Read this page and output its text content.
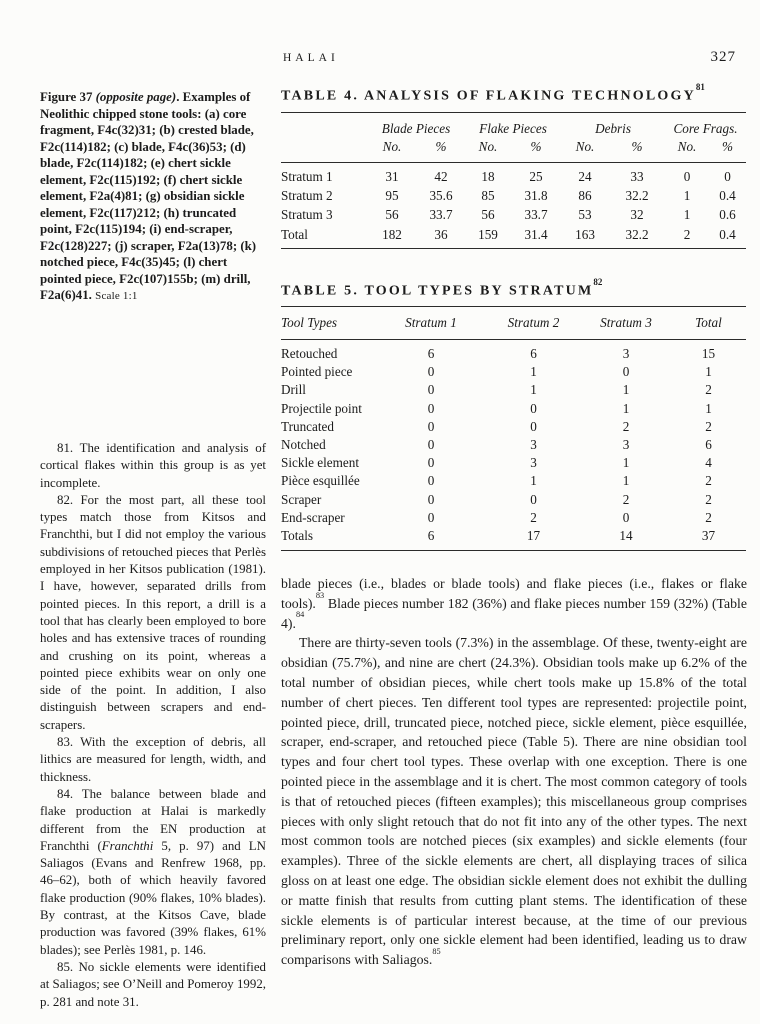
HALAI	327
Figure 37 (opposite page). Examples of Neolithic chipped stone tools: (a) core fragment, F4c(32)31; (b) crested blade, F2c(114)182; (c) blade, F4c(36)53; (d) blade, F2c(114)182; (e) chert sickle element, F2c(115)192; (f) chert sickle element, F2a(4)81; (g) obsidian sickle element, F2c(117)212; (h) truncated point, F2c(115)194; (i) end-scraper, F2c(128)227; (j) scraper, F2a(13)78; (k) notched piece, F4c(35)45; (l) chert pointed piece, F2c(107)155b; (m) drill, F2a(6)41. Scale 1:1

81. The identification and analysis of cortical flakes within this group is as yet incomplete.

82. For the most part, all these tool types match those from Kitsos and Franchthi, but I did not employ the various subdivisions of retouched pieces that Perlès employed in her Kitsos publication (1981). I have, however, separated drills from pointed pieces. In this report, a drill is a tool that has clearly been employed to bore holes and has extensive traces of rounding and crushing on its point, whereas a pointed piece exhibits wear on only one side of the point. In addition, I also distinguish between scrapers and end-scrapers.

83. With the exception of debris, all lithics are measured for length, width, and thickness.

84. The balance between blade and flake production at Halai is markedly different from the EN production at Franchthi (Franchthi 5, p. 97) and LN Saliagos (Evans and Renfrew 1968, pp. 46–62), both of which heavily favored flake production (90% flakes, 10% blades). By contrast, at the Kitsos Cave, blade production was favored (39% flakes, 61% blades); see Perlès 1981, p. 146.

85. No sickle elements were identified at Saliagos; see O’Neill and Pomeroy 1992, p. 281 and note 31.

TABLE 4. ANALYSIS OF FLAKING TECHNOLOGY$^{81}$
	Blade Pieces		Flake Pieces		Debris		Core Frags.	
	No.	%	No.	%	No.	%	No.	%
Stratum 1	31	42	18	25	24	33	0	0
Stratum 2	95	35.6	85	31.8	86	32.2	1	0.4
Stratum 3	56	33.7	56	33.7	53	32	1	0.6
Total	182	36	159	31.4	163	32.2	2	0.4
TABLE 5. TOOL TYPES BY STRATUM$^{82}$
Tool Types	Stratum 1	Stratum 2	Stratum 3	Total
Retouched	6	6	3	15
Pointed piece	0	1	0	1
Drill	0	1	1	2
Projectile point	0	0	1	1
Truncated	0	0	2	2
Notched	0	3	3	6
Sickle element	0	3	1	4
Pièce esquillée	0	1	1	2
Scraper	0	0	2	2
End-scraper	0	2	0	2
Totals	6	17	14	37

blade pieces (i.e., blades or blade tools) and flake pieces (i.e., flakes or flake tools).$^{83}$ Blade pieces number 182 (36%) and flake pieces number 159 (32%) (Table 4).$^{84}$

There are thirty-seven tools (7.3%) in the assemblage. Of these, twenty-eight are obsidian (75.7%), and nine are chert (24.3%). Obsidian tools make up 6.2% of the total number of obsidian pieces, while chert tools make up 15.8% of the total number of chert pieces. Ten different tool types are represented: projectile point, pointed piece, drill, truncated piece, notched piece, sickle element, pièce esquillée, scraper, end-scraper, and retouched piece (Table 5). There are nine obsidian tool types and four chert tool types. These overlap with one exception. There is one pointed piece in the assemblage and it is chert. The most common category of tools is that of retouched pieces (fifteen examples); this miscellaneous group comprises pieces with only slight retouch that do not fit into any of the other types. The next most common tools are notched pieces (six examples) and sickle elements (four examples). Three of the sickle elements are chert, all displaying traces of silica gloss on at least one edge. The obsidian sickle element does not exhibit the dulling or matte finish that results from cutting plant stems. The identification of these sickle elements is of particular interest because, at the time of our previous preliminary report, only one sickle element had been identified, leading us to draw comparisons with Saliagos.$^{85}$
